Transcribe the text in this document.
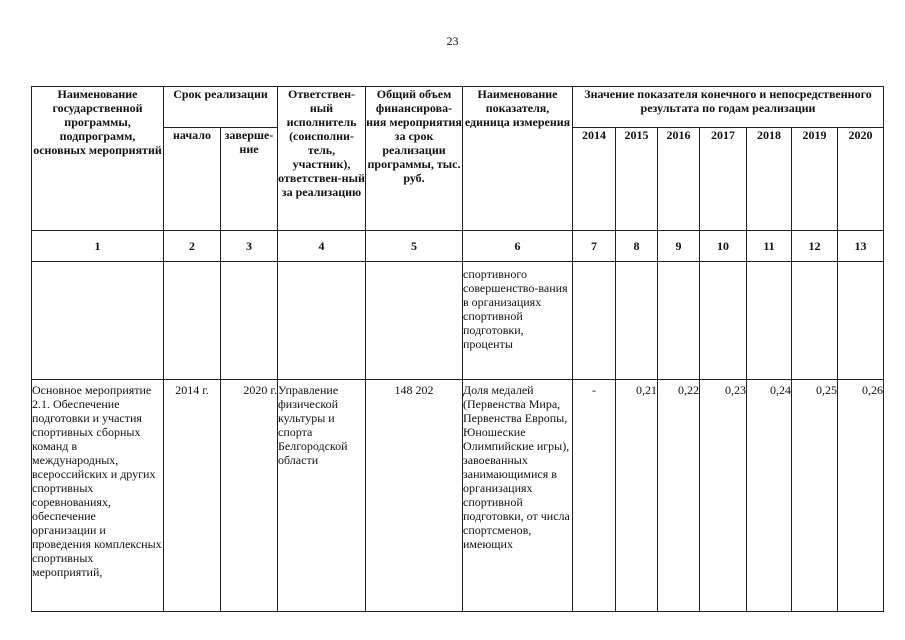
23
Наименование государственной программы, подпрограмм, основных мероприятий	Срок реализации		Ответствен-ный исполнитель (соисполни-тель, участник), ответствен-ный за реализацию	Общий объем финансирова-ния мероприятия за срок реализации программы, тыс. руб.	Наименование показателя, единица измерения	Значение показателя конечного и непосредственного результата по годам реализации						
	начало	заверше-ние				2014	2015	2016	2017	2018	2019	2020
1	2	3	4	5	6	7	8	9	10	11	12	13
					спортивного совершенство-вания в организациях спортивной подготовки, проценты							
Основное мероприятие 2.1. Обеспечение подготовки и участия спортивных сборных команд в международных, всероссийских и других спортивных соревнованиях, обеспечение организации и проведения комплексных спортивных мероприятий,	2014 г.	2020 г.	Управление физической культуры и спорта Белгородской области	148 202	Доля медалей (Первенства Мира, Первенства Европы, Юношеские Олимпийские игры), завоеванных занимающимися в организациях спортивной подготовки, от числа спортсменов, имеющих	-	0,21	0,22	0,23	0,24	0,25	0,26
